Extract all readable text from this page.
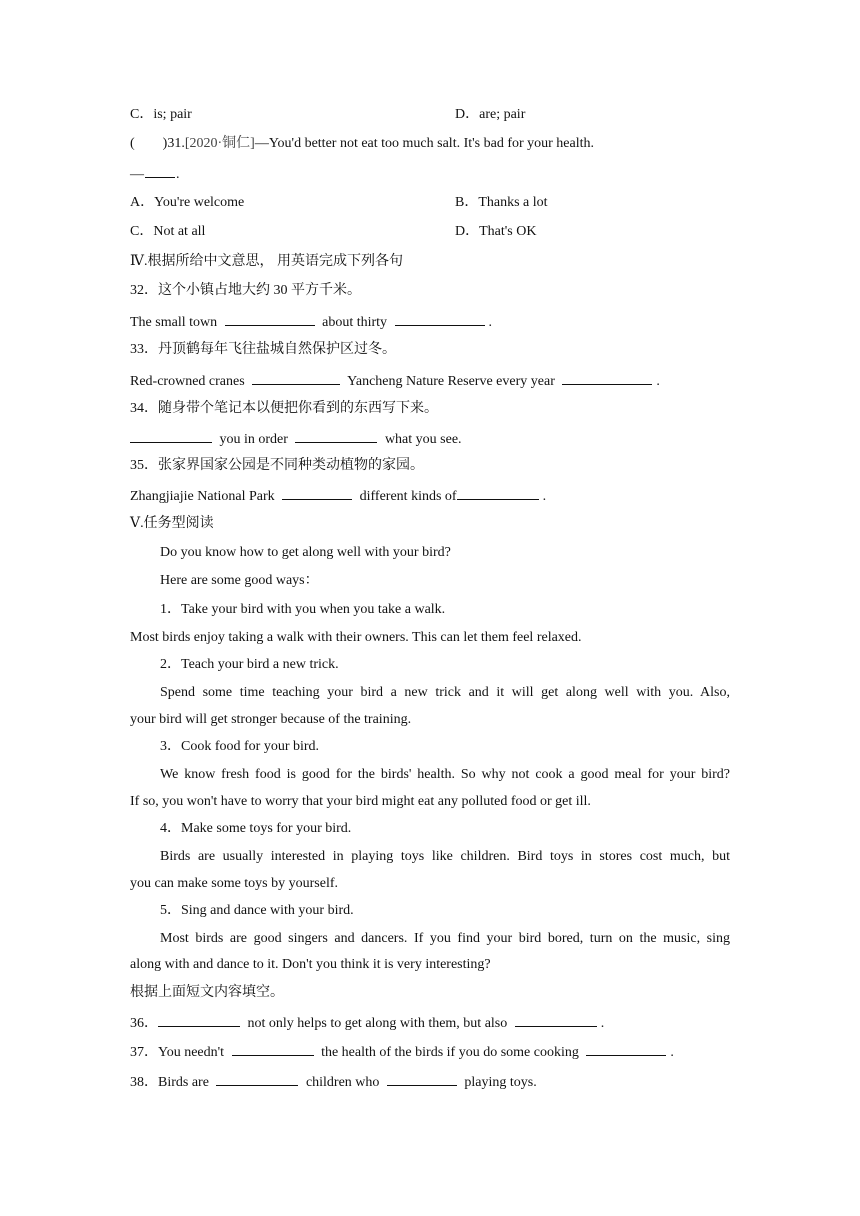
C．is; pair	D．are; pair
( )31.[2020·铜仁]—You'd better not eat too much salt. It's bad for your health.
— .
A．You're welcome	B．Thanks a lot
C．Not at all	D．That's OK
Ⅳ.根据所给中文意思， 用英语完成下列各句
32．这个小镇占地大约 30 平方千米。
The small town	about thirty	.
33．丹顶鹤每年飞往盐城自然保护区过冬。
Red-crowned cranes	Yancheng Nature Reserve every year	.
34．随身带个笔记本以便把你看到的东西写下来。
you in order	what you see.
35．张家界国家公园是不同种类动植物的家园。
Zhangjiajie National Park	different kinds of	.
Ⅴ.任务型阅读
Do you know how to get along well with your bird?
Here are some good ways：
1．Take your bird with you when you take a walk.
Most birds enjoy taking a walk with their owners. This can let them feel relaxed.
2．Teach your bird a new trick.
Spend some time teaching your bird a new trick and it will get along well with you. Also,
your bird will get stronger because of the training.
3．Cook food for your bird.
We know fresh food is good for the birds' health. So why not cook a good meal for your bird?
If so, you won't have to worry that your bird might eat any polluted food or get ill.
4．Make some toys for your bird.
Birds are usually interested in playing toys like children. Bird toys in stores cost much, but
you can make some toys by yourself.
5．Sing and dance with your bird.
Most birds are good singers and dancers. If you find your bird bored, turn on the music, sing
along with and dance to it. Don't you think it is very interesting?
根据上面短文内容填空。
36．	not only helps to get along with them, but also	.
37．You needn't	the health of the birds if you do some cooking	.
38．Birds are	children who	playing toys.
